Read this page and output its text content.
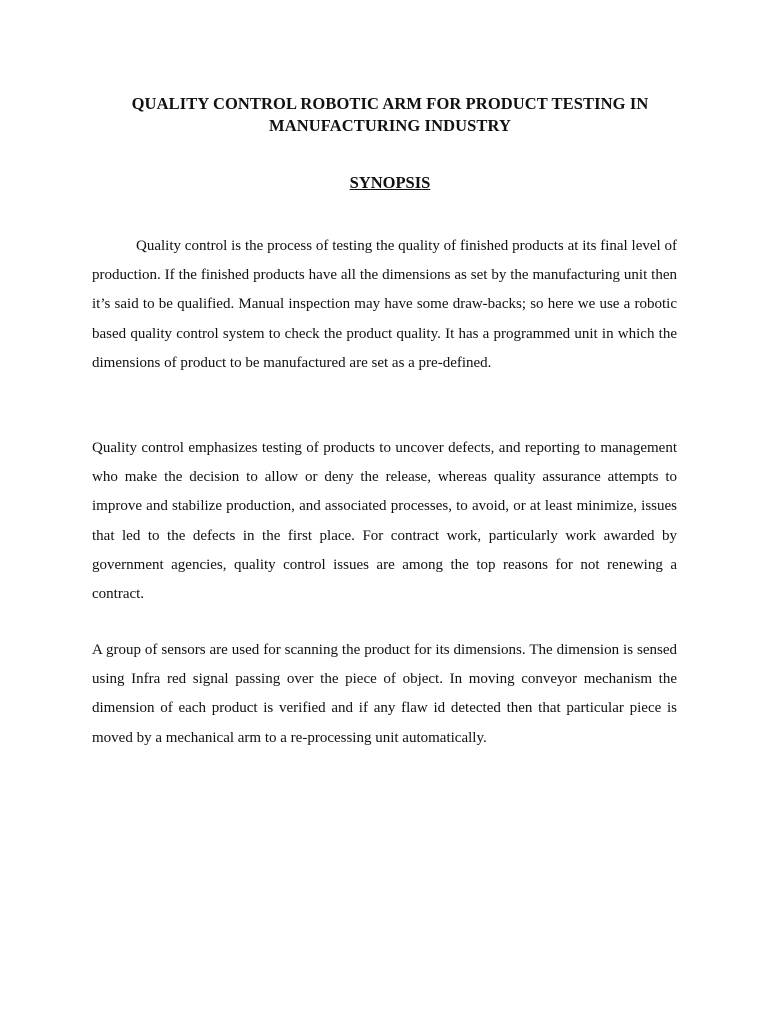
QUALITY CONTROL ROBOTIC ARM FOR PRODUCT TESTING IN MANUFACTURING INDUSTRY
SYNOPSIS

Quality control is the process of testing the quality of finished products at its final level of production. If the finished products have all the dimensions as set by the manufacturing unit then it’s said to be qualified. Manual inspection may have some draw-backs; so here we use a robotic based quality control system to check the product quality. It has a programmed unit in which the dimensions of product to be manufactured are set as a pre-defined.

Quality control emphasizes testing of products to uncover defects, and reporting to management who make the decision to allow or deny the release, whereas quality assurance attempts to improve and stabilize production, and associated processes, to avoid, or at least minimize, issues that led to the defects in the first place. For contract work, particularly work awarded by government agencies, quality control issues are among the top reasons for not renewing a contract.

A group of sensors are used for scanning the product for its dimensions. The dimension is sensed using Infra red signal passing over the piece of object. In moving conveyor mechanism the dimension of each product is verified and if any flaw id detected then that particular piece is moved by a mechanical arm to a re-processing unit automatically.
